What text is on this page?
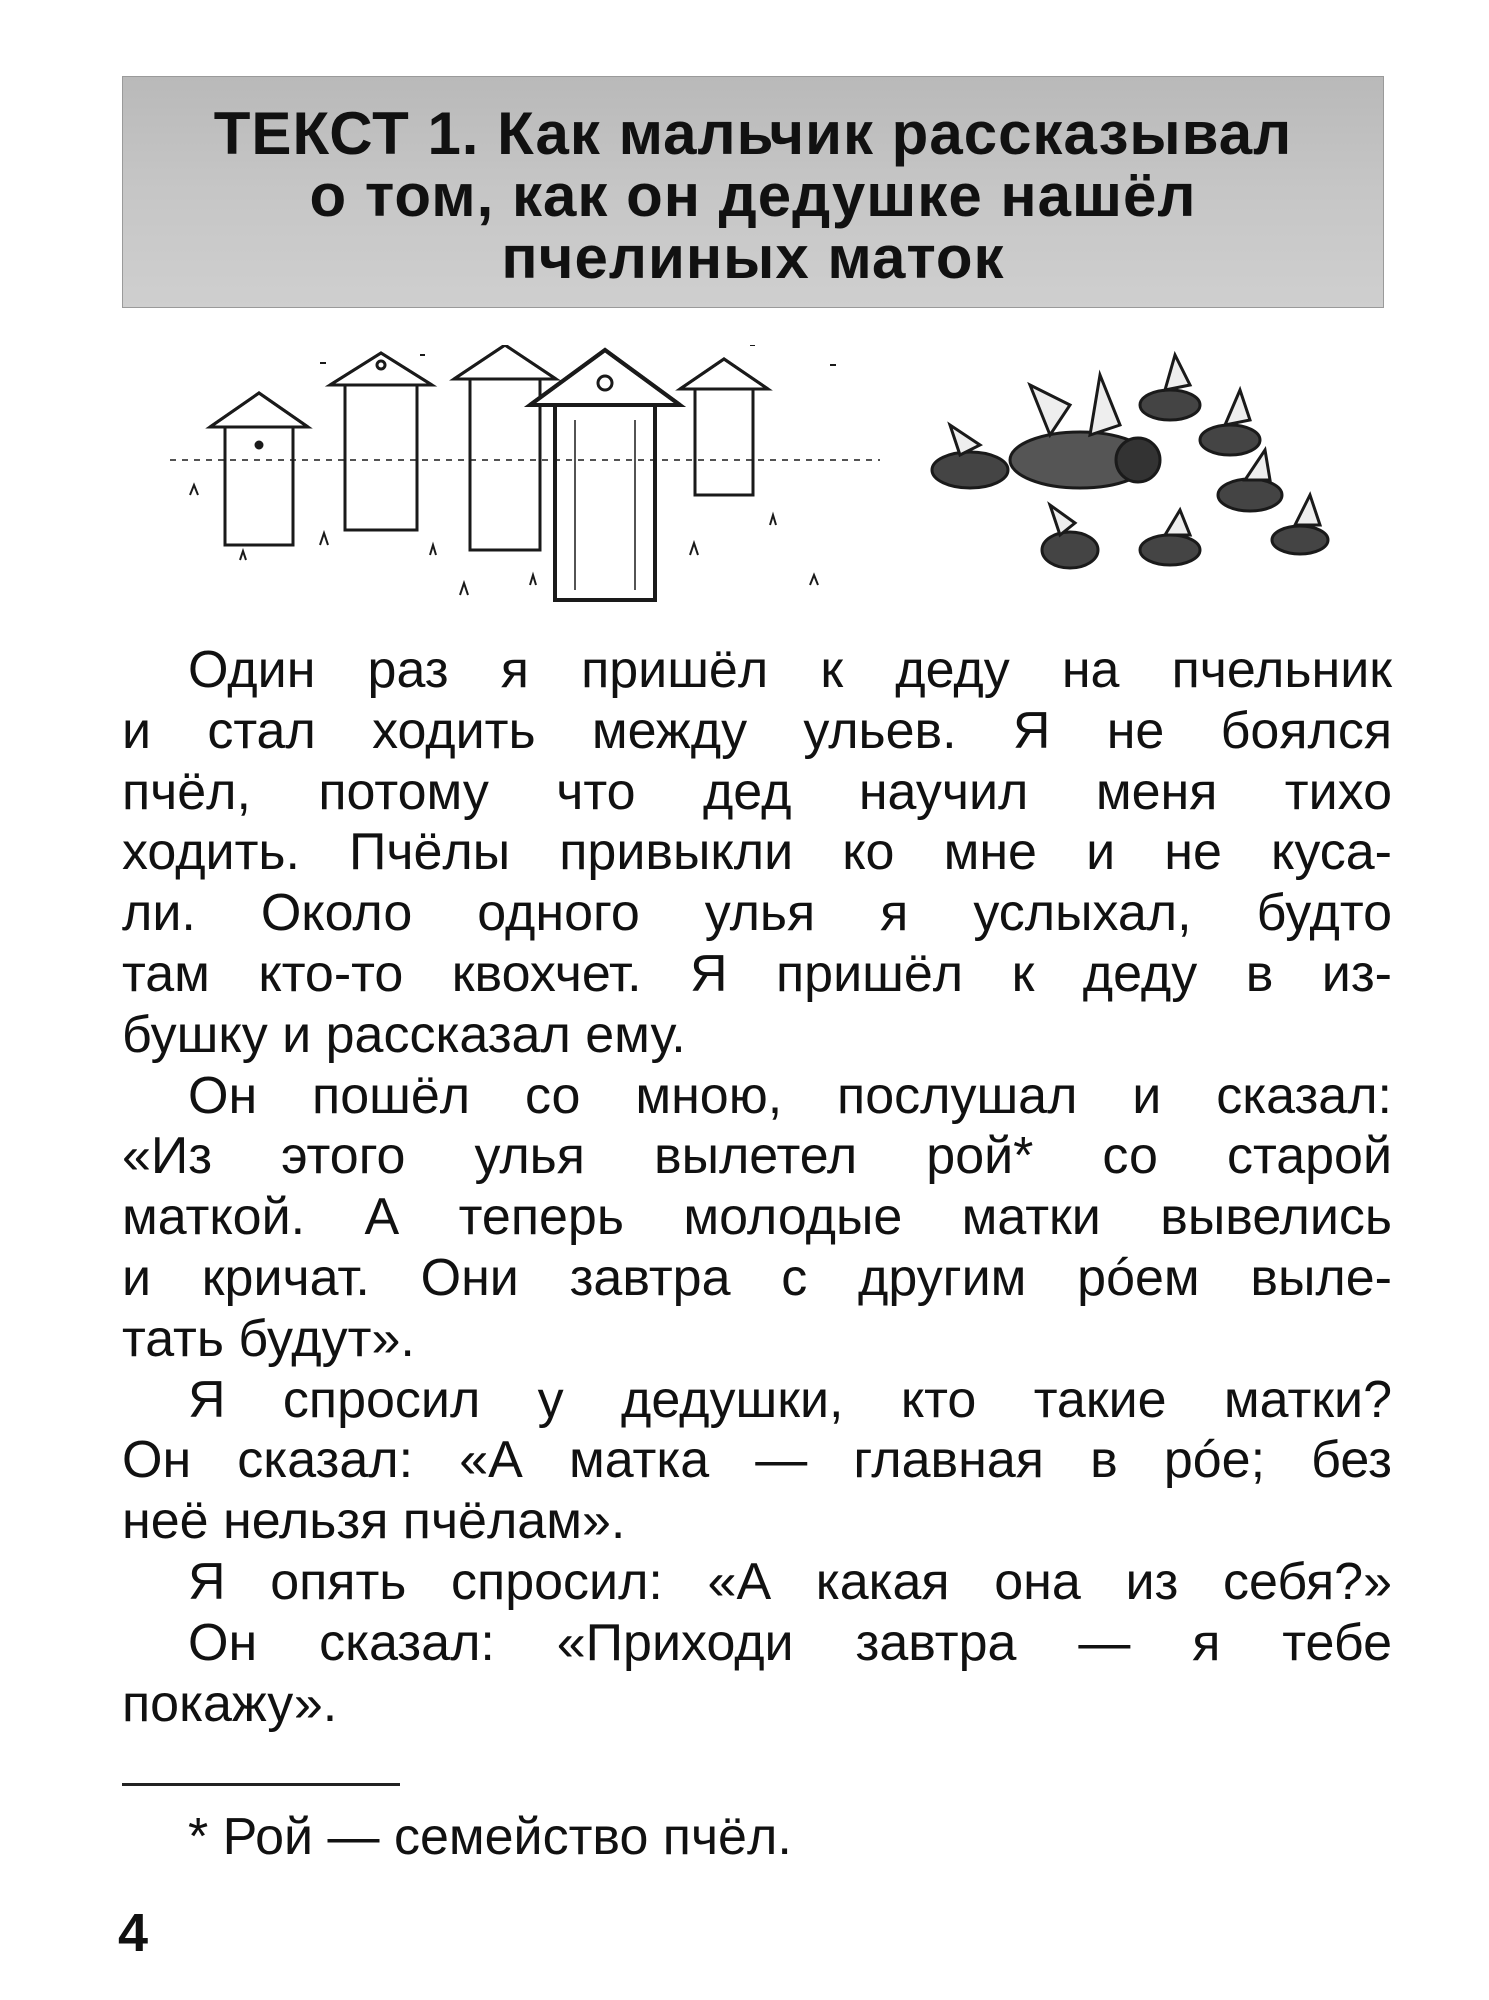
ТЕКСТ 1. Как мальчик рассказывал
о том, как он дедушке нашёл
пчелиных маток
Один раз я пришёл к деду на пчельник
и стал ходить между ульев. Я не боялся
пчёл, потому что дед научил меня тихо
ходить. Пчёлы привыкли ко мне и не куса-
ли. Около одного улья я услыхал, будто
там кто-то квохчет. Я пришёл к деду в из-
бушку и рассказал ему.
Он пошёл со мною, послушал и сказал:
«Из этого улья вылетел рой* со старой
маткой. А теперь молодые матки вывелись
и кричат. Они завтра с другим рóем выле-
тать будут».
Я спросил у дедушки, кто такие матки?
Он сказал: «А матка — главная в рóе; без
неё нельзя пчёлам».
Я опять спросил: «А какая она из себя?»
Он сказал: «Приходи завтра — я тебе
покажу».
* Рой — семейство пчёл.
4
